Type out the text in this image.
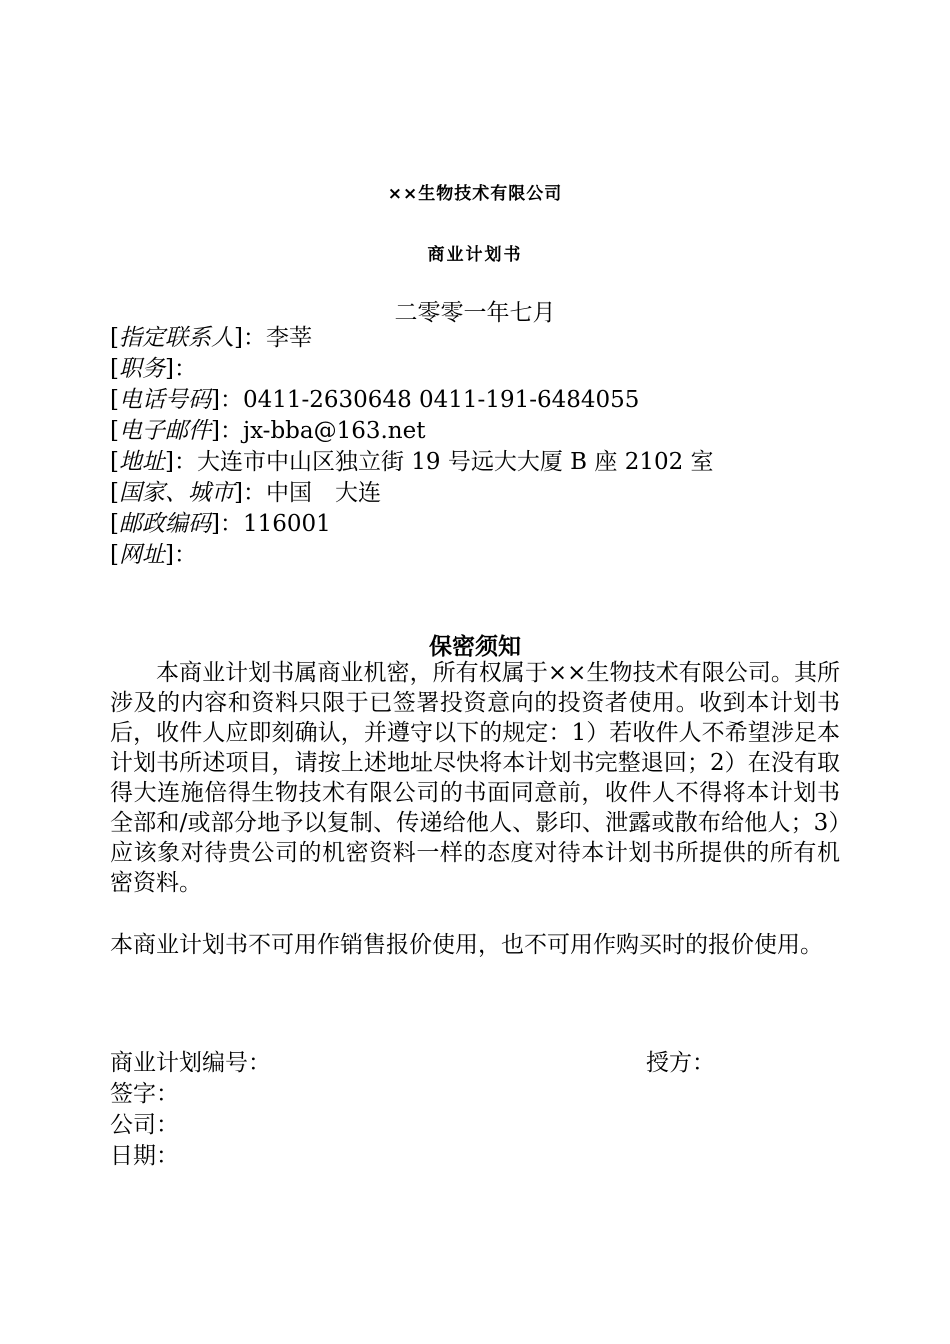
××生物技术有限公司
商业计划书
二零零一年七月
[指定联系人]：李莘
[职务]：
[电话号码]：0411-2630648 0411-191-6484055
[电子邮件]：jx-bba@163.net
[地址]：大连市中山区独立街 19 号远大大厦 B 座 2102 室
[国家、城市]：中国　大连
[邮政编码]：116001
[网址]：
保密须知

本商业计划书属商业机密，所有权属于××生物技术有限公司。其所涉及的内容和资料只限于已签署投资意向的投资者使用。收到本计划书后，收件人应即刻确认，并遵守以下的规定：1）若收件人不希望涉足本计划书所述项目，请按上述地址尽快将本计划书完整退回；2）在没有取得大连施倍得生物技术有限公司的书面同意前，收件人不得将本计划书全部和/或部分地予以复制、传递给他人、影印、泄露或散布给他人；3）应该象对待贵公司的机密资料一样的态度对待本计划书所提供的所有机密资料。

本商业计划书不可用作销售报价使用，也不可用作购买时的报价使用。

商业计划编号：	授方：
签字：
公司：
日期：
